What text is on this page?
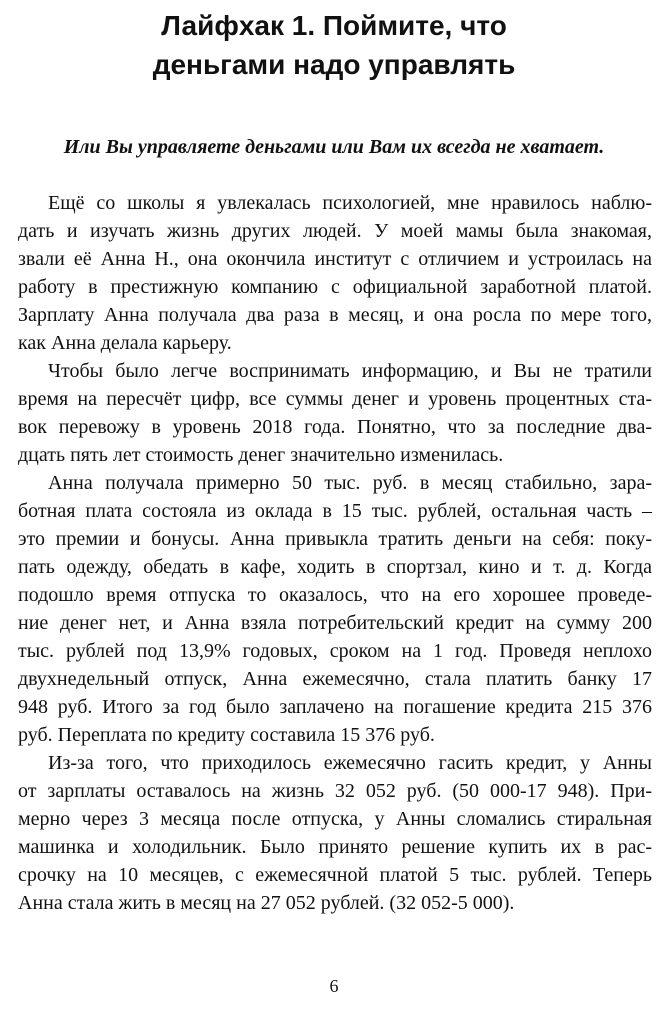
Лайфхак 1. Поймите, что
деньгами надо управлять

Или Вы управляете деньгами или Вам их всегда не хватает.

Ещё со школы я увлекалась психологией, мне нравилось наблю-
дать и изучать жизнь других людей. У моей мамы была знакомая,
звали её Анна Н., она окончила институт с отличием и устроилась на
работу в престижную компанию с официальной заработной платой.
Зарплату Анна получала два раза в месяц, и она росла по мере того,
как Анна делала карьеру.

Чтобы было легче воспринимать информацию, и Вы не тратили
время на пересчёт цифр, все суммы денег и уровень процентных ста-
вок перевожу в уровень 2018 года. Понятно, что за последние два-
дцать пять лет стоимость денег значительно изменилась.

Анна получала примерно 50 тыс. руб. в месяц стабильно, зара-
ботная плата состояла из оклада в 15 тыс. рублей, остальная часть –
это премии и бонусы. Анна привыкла тратить деньги на себя: поку-
пать одежду, обедать в кафе, ходить в спортзал, кино и т. д. Когда
подошло время отпуска то оказалось, что на его хорошее проведе-
ние денег нет, и Анна взяла потребительский кредит на сумму 200
тыс. рублей под 13,9% годовых, сроком на 1 год. Проведя неплохо
двухнедельный отпуск, Анна ежемесячно, стала платить банку 17
948 руб. Итого за год было заплачено на погашение кредита 215 376
руб. Переплата по кредиту составила 15 376 руб.

Из-за того, что приходилось ежемесячно гасить кредит, у Анны
от зарплаты оставалось на жизнь 32 052 руб. (50 000-17 948). При-
мерно через 3 месяца после отпуска, у Анны сломались стиральная
машинка и холодильник. Было принято решение купить их в рас-
срочку на 10 месяцев, с ежемесячной платой 5 тыс. рублей. Теперь
Анна стала жить в месяц на 27 052 рублей. (32 052-5 000).

6
